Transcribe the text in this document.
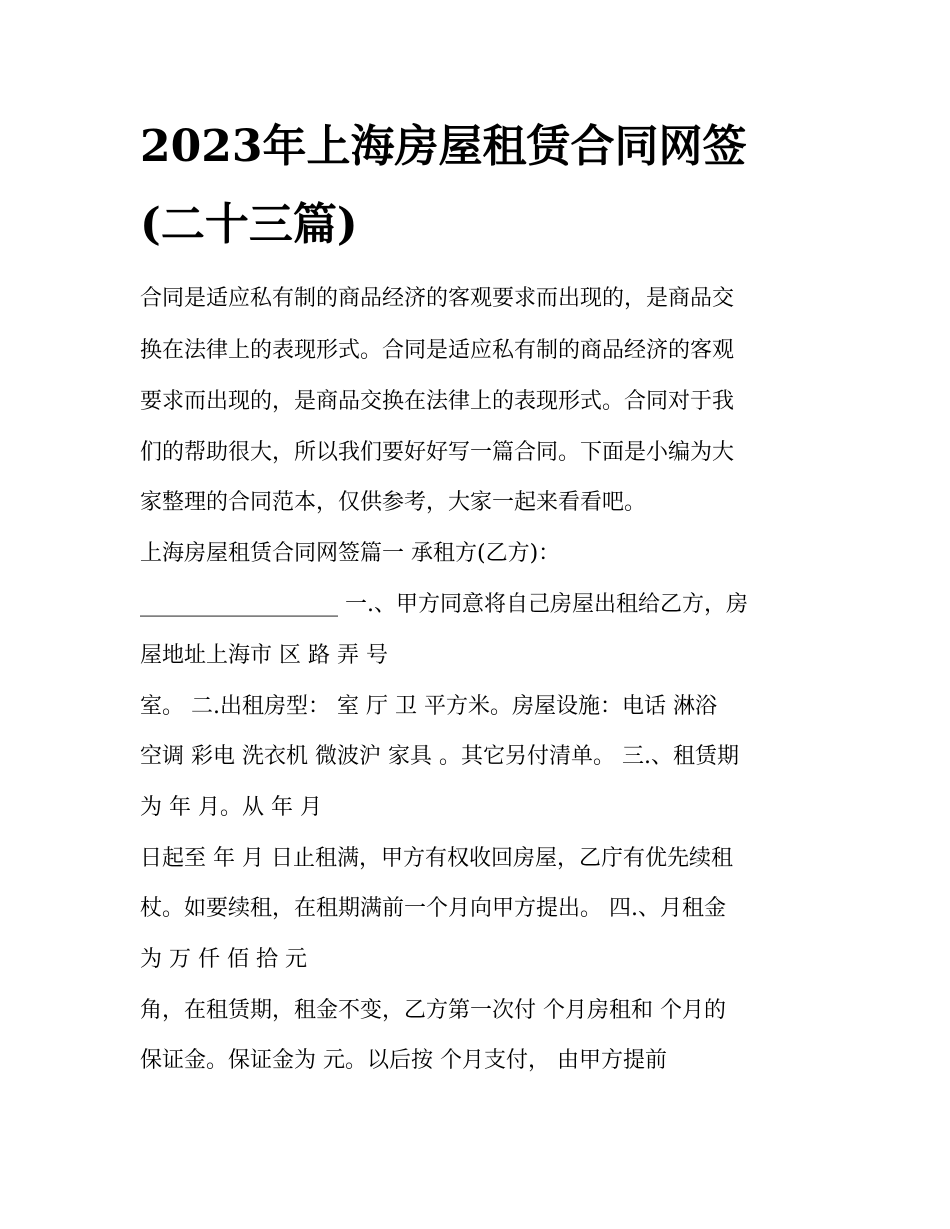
2023年上海房屋租赁合同网签
(二十三篇)
合同是适应私有制的商品经济的客观要求而出现的，是商品交
换在法律上的表现形式。合同是适应私有制的商品经济的客观
要求而出现的，是商品交换在法律上的表现形式。合同对于我
们的帮助很大，所以我们要好好写一篇合同。下面是小编为大
家整理的合同范本，仅供参考，大家一起来看看吧。
上海房屋租赁合同网签篇一 承租方(乙方)：
__________________ 一.、甲方同意将自己房屋出租给乙方，房
屋地址上海市 区 路 弄 号
室。 二.出租房型： 室 厅 卫 平方米。房屋设施：电话 淋浴
空调 彩电 洗衣机 微波沪 家具 。其它另付清单。 三.、租赁期
为 年 月。从 年 月
日起至 年 月 日止租满，甲方有权收回房屋，乙庁有优先续租
杖。如要续租，在租期满前一个月向甲方提出。 四.、月租金
为 万 仟 佰 拾 元
角，在租赁期，租金不变，乙方第一次付 个月房租和 个月的
保证金。保证金为 元。以后按 个月支付， 由甲方提前
